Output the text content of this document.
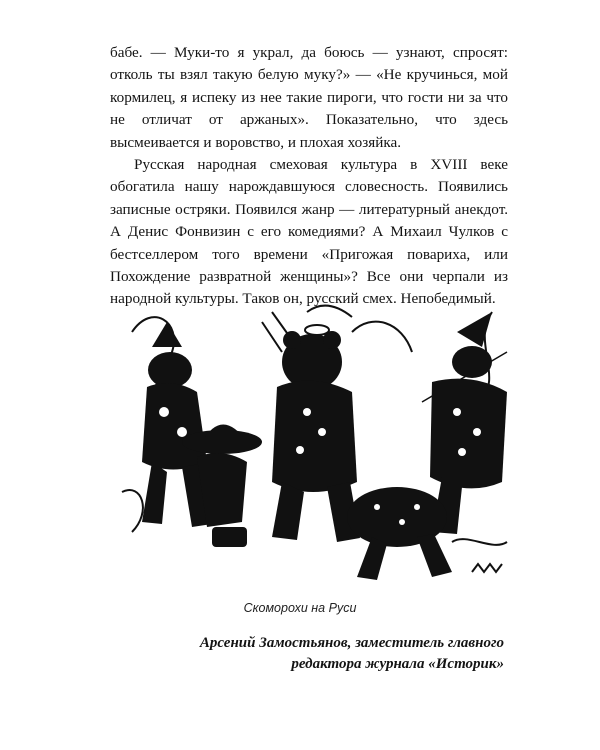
бабе. — Муки-то я украл, да боюсь — узнают, спросят: отколь ты взял такую белую муку?» — «Не кручинься, мой кормилец, я испеку из нее такие пироги, что гости ни за что не отличат от аржаных». Показательно, что здесь высмеивается и воровство, и плохая хозяйка.

Русская народная смеховая культура в XVIII веке обогатила нашу нарождавшуюся словесность. Появились записные остряки. Появился жанр — литературный анекдот. А Денис Фонвизин с его комедиями? А Михаил Чулков с бестселлером того времени «Пригожая повариха, или Похождение развратной женщины»? Все они черпали из народной культуры. Таков он, русский смех. Непобедимый.

Скоморохи на Руси
Арсений Замостьянов, заместитель главного
редактора журнала «Историк»
